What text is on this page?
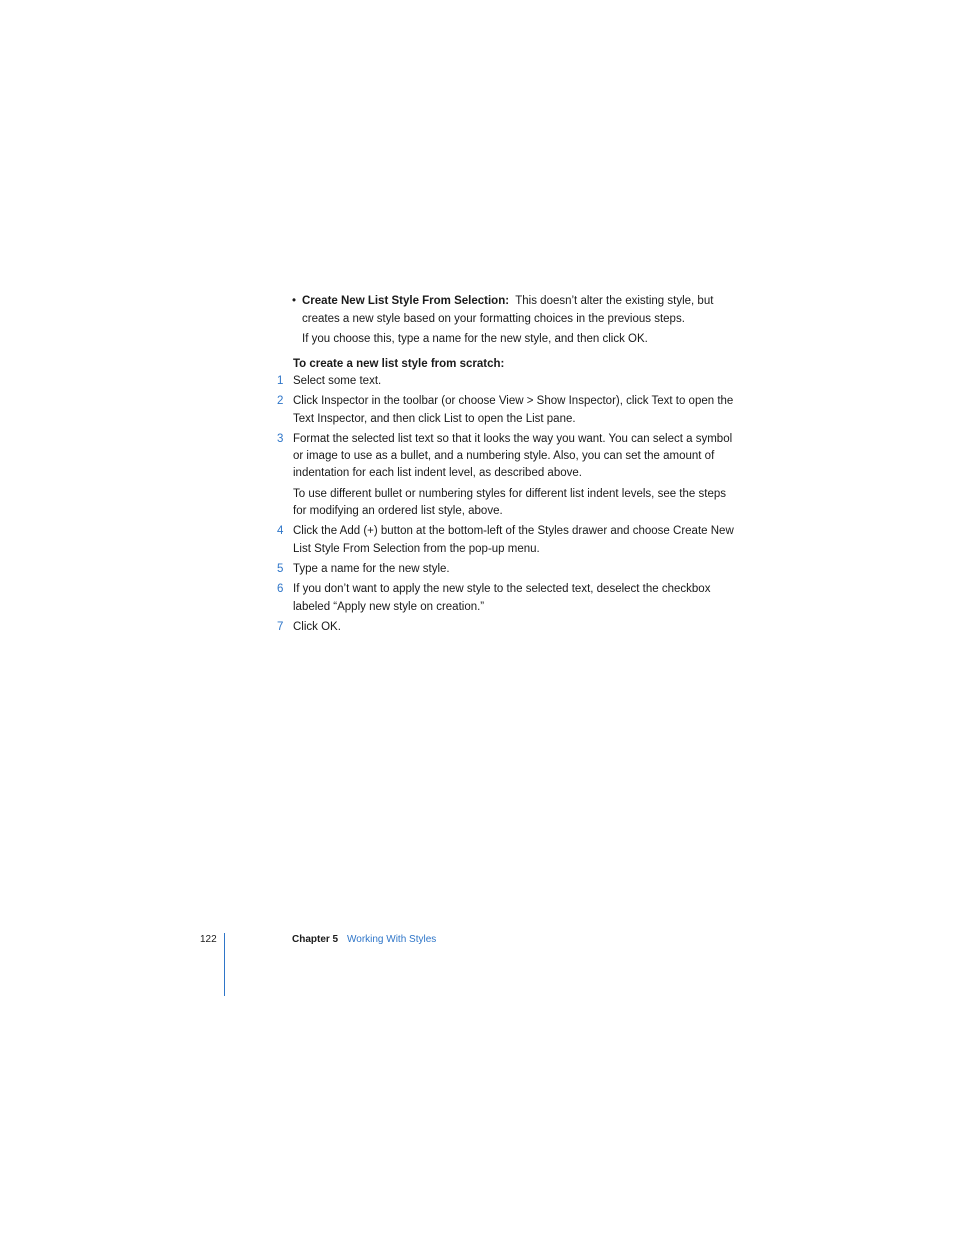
• Create New List Style From Selection: This doesn’t alter the existing style, but creates a new style based on your formatting choices in the previous steps.
If you choose this, type a name for the new style, and then click OK.
To create a new list style from scratch:
1 Select some text.
2 Click Inspector in the toolbar (or choose View > Show Inspector), click Text to open the Text Inspector, and then click List to open the List pane.
3 Format the selected list text so that it looks the way you want. You can select a symbol or image to use as a bullet, and a numbering style. Also, you can set the amount of indentation for each list indent level, as described above.
To use different bullet or numbering styles for different list indent levels, see the steps for modifying an ordered list style, above.
4 Click the Add (+) button at the bottom-left of the Styles drawer and choose Create New List Style From Selection from the pop-up menu.
5 Type a name for the new style.
6 If you don’t want to apply the new style to the selected text, deselect the checkbox labeled “Apply new style on creation.”
7 Click OK.
122	Chapter 5 Working With Styles
